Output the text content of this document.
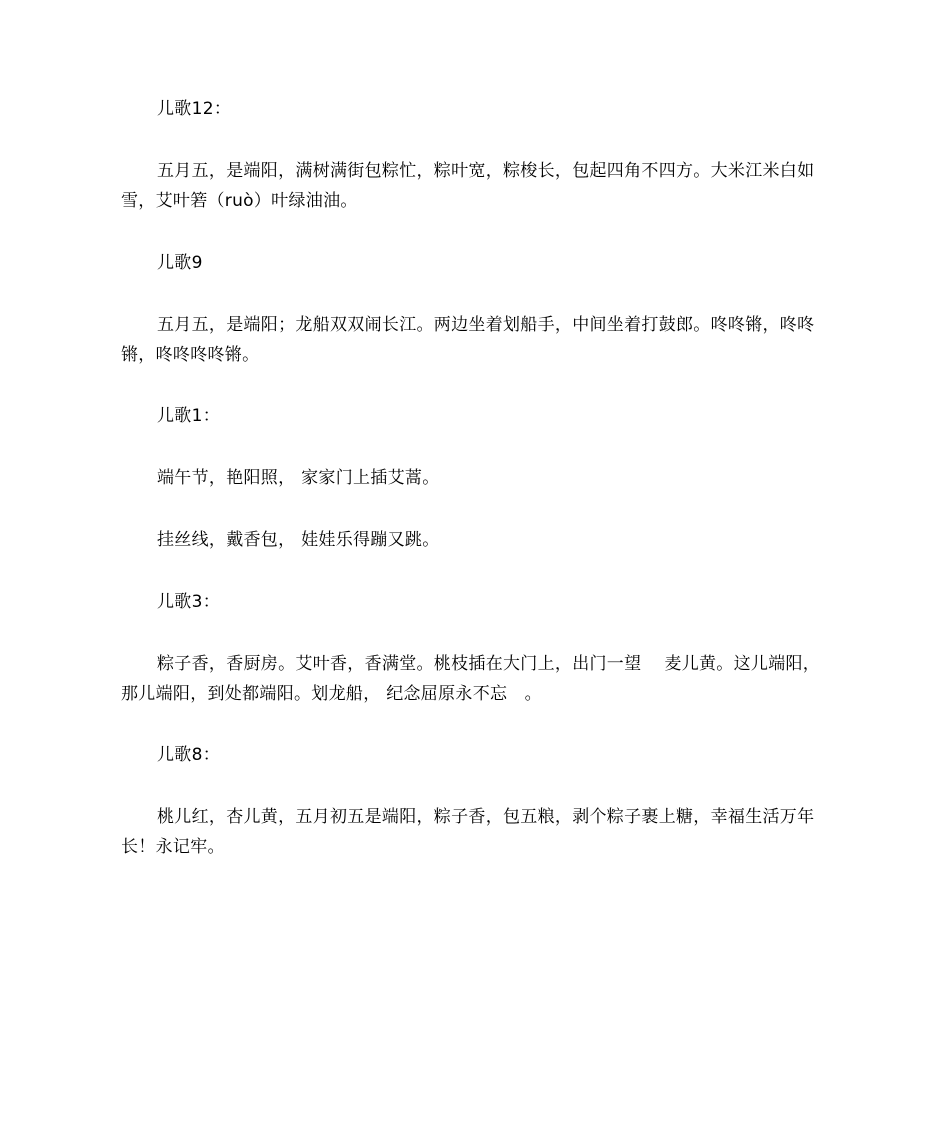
儿歌12：

五月五，是端阳，满树满街包粽忙，粽叶宽，粽梭长，包起四角不四方。大米江米白如雪，艾叶箬（ruò）叶绿油油。

儿歌9

五月五，是端阳；龙船双双闹长江。两边坐着划船手，中间坐着打鼓郎。咚咚锵，咚咚锵，咚咚咚咚锵。

儿歌1：

端午节，艳阳照， 家家门上插艾蒿。

挂丝线，戴香包， 娃娃乐得蹦又跳。

儿歌3：

粽子香，香厨房。艾叶香，香满堂。桃枝插在大门上，出门一望　 麦儿黄。这儿端阳，那儿端阳，到处都端阳。划龙船， 纪念屈原永不忘　。

儿歌8：

桃儿红，杏儿黄，五月初五是端阳，粽子香，包五粮，剥个粽子裹上糖，幸福生活万年长！永记牢。
